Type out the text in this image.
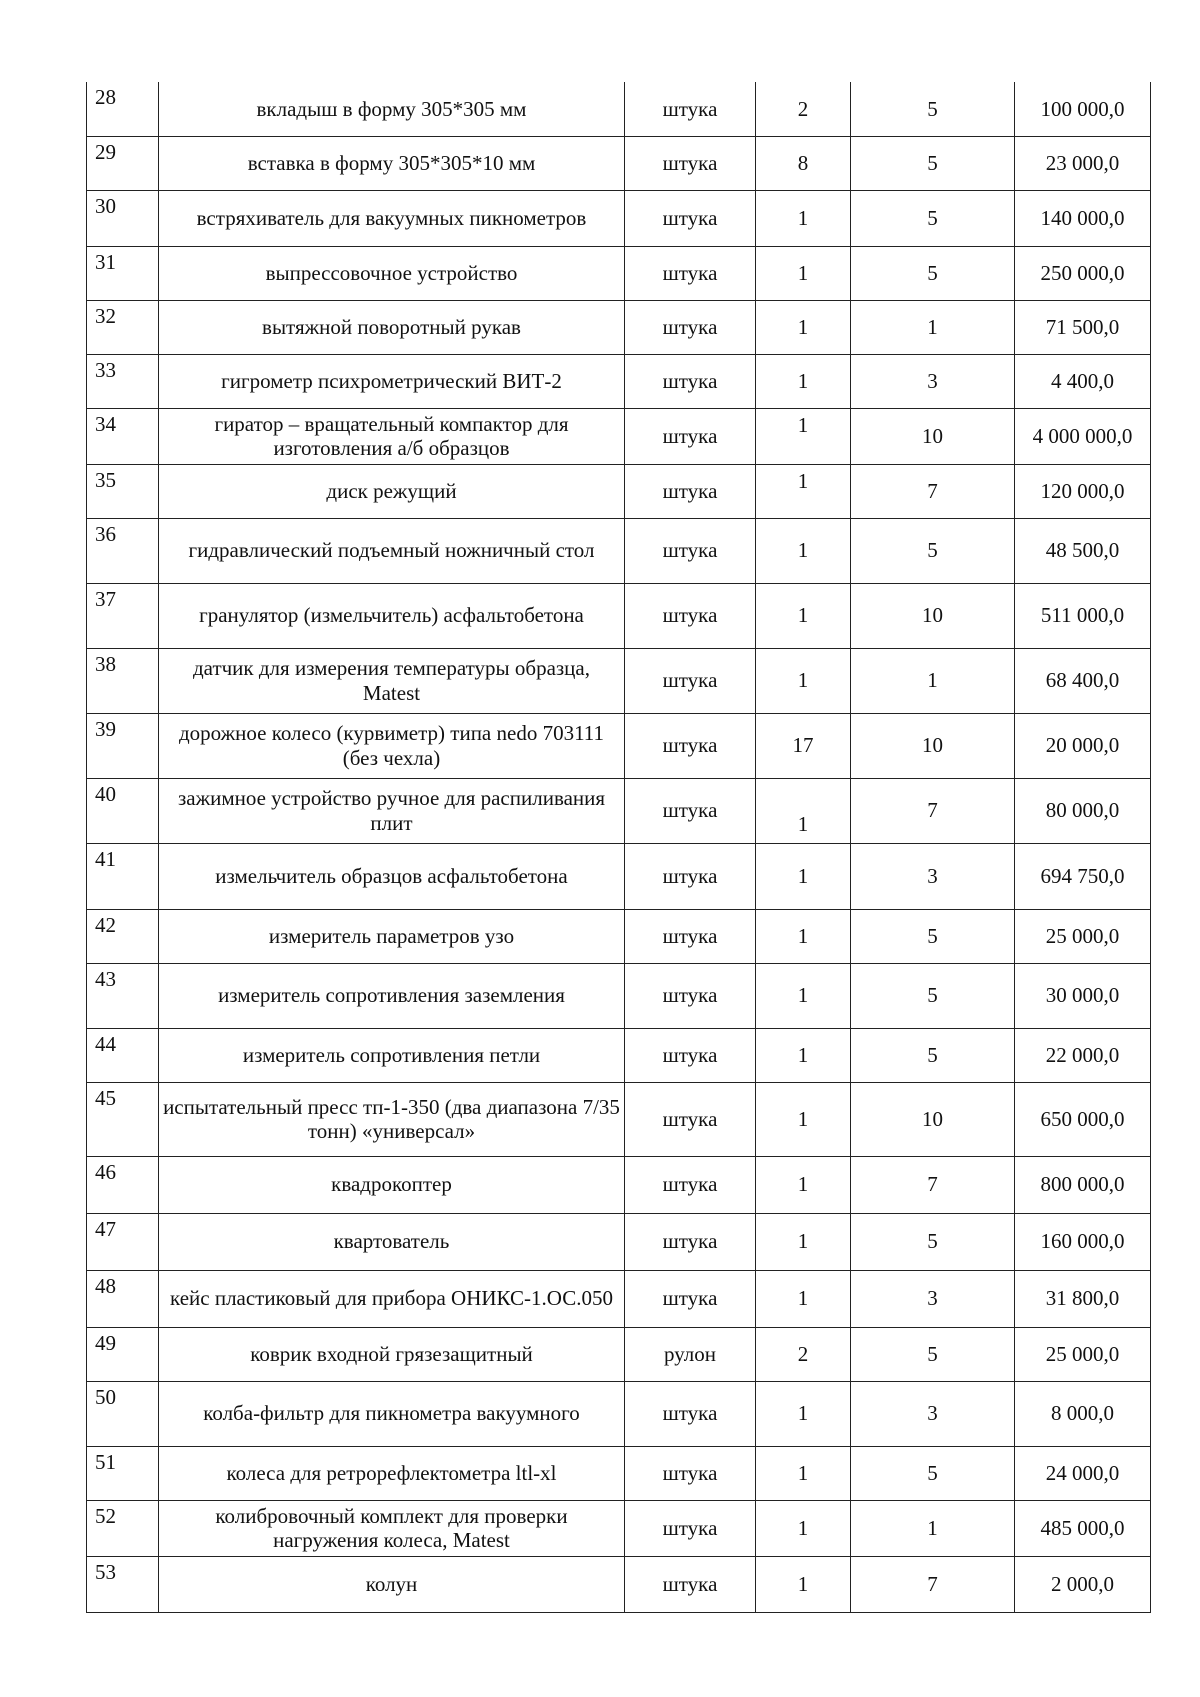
28	вкладыш в форму 305*305 мм	штука	2	5	100 000,0
29	вставка в форму 305*305*10 мм	штука	8	5	23 000,0
30	встряхиватель для вакуумных пикнометров	штука	1	5	140 000,0
31	выпрессовочное устройство	штука	1	5	250 000,0
32	вытяжной поворотный рукав	штука	1	1	71 500,0
33	гигрометр психрометрический ВИТ-2	штука	1	3	4 400,0
34	гиратор – вращательный компактор для изготовления а/б образцов	штука	1	10	4 000 000,0
35	диск режущий	штука	1	7	120 000,0
36	гидравлический подъемный ножничный стол	штука	1	5	48 500,0
37	гранулятор (измельчитель) асфальтобетона	штука	1	10	511 000,0
38	датчик для измерения температуры образца, Matest	штука	1	1	68 400,0
39	дорожное колесо (курвиметр) типа nedo 703111 (без чехла)	штука	17	10	20 000,0
40	зажимное устройство ручное для распиливания плит	штука	1	7	80 000,0
41	измельчитель образцов асфальтобетона	штука	1	3	694 750,0
42	измеритель параметров узо	штука	1	5	25 000,0
43	измеритель сопротивления заземления	штука	1	5	30 000,0
44	измеритель сопротивления петли	штука	1	5	22 000,0
45	испытательный пресс тп-1-350 (два диапазона 7/35 тонн) «универсал»	штука	1	10	650 000,0
46	квадрокоптер	штука	1	7	800 000,0
47	квартователь	штука	1	5	160 000,0
48	кейс пластиковый для прибора ОНИКС-1.ОС.050	штука	1	3	31 800,0
49	коврик входной грязезащитный	рулон	2	5	25 000,0
50	колба-фильтр для пикнометра вакуумного	штука	1	3	8 000,0
51	колеса для ретрорефлектометра ltl-xl	штука	1	5	24 000,0
52	колибровочный комплект для проверки нагружения колеса, Matest	штука	1	1	485 000,0
53	колун	штука	1	7	2 000,0
